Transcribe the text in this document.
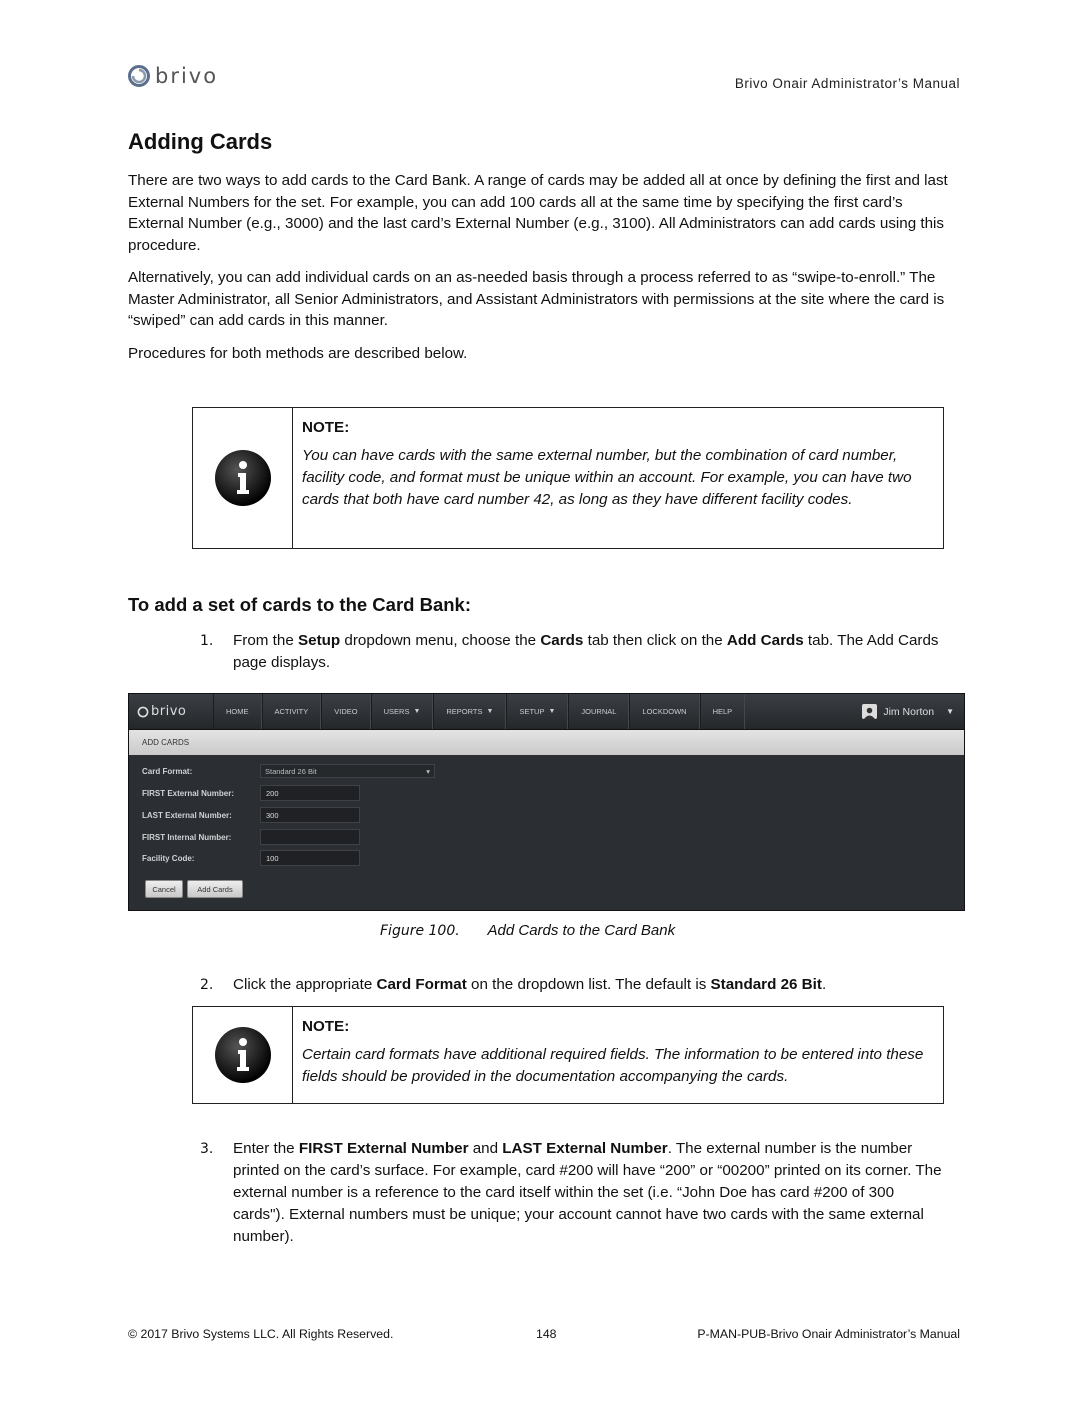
brivo	Brivo Onair Administrator’s Manual
Adding Cards

There are two ways to add cards to the Card Bank. A range of cards may be added all at once by defining the first and last External Numbers for the set. For example, you can add 100 cards all at the same time by specifying the first card’s External Number (e.g., 3000) and the last card’s External Number (e.g., 3100). All Administrators can add cards using this procedure.

Alternatively, you can add individual cards on an as-needed basis through a process referred to as “swipe-to-enroll.” The Master Administrator, all Senior Administrators, and Assistant Administrators with permissions at the site where the card is “swiped” can add cards in this manner.

Procedures for both methods are described below.

NOTE:
You can have cards with the same external number, but the combination of card number, facility code, and format must be unique within an account. For example, you can have two cards that both have card number 42, as long as they have different facility codes.
To add a set of cards to the Card Bank:
1.	From the Setup dropdown menu, choose the Cards tab then click on the Add Cards tab. The Add Cards page displays.
brivo	HOME	ACTIVITY	VIDEO	USERS ▼	REPORTS ▼	SETUP ▼	JOURNAL	LOCKDOWN	HELP	Jim Norton ▼
ADD CARDS
Card Format:	Standard 26 Bit	▾
FIRST External Number:	200
LAST External Number:	300
FIRST Internal Number:
Facility Code:	100
Cancel	Add Cards
Figure 100. Add Cards to the Card Bank
2.	Click the appropriate Card Format on the dropdown list. The default is Standard 26 Bit.
NOTE:
Certain card formats have additional required fields. The information to be entered into these fields should be provided in the documentation accompanying the cards.
3.	Enter the FIRST External Number and LAST External Number. The external number is the number printed on the card’s surface. For example, card #200 will have “200” or “00200” printed on its corner. The external number is a reference to the card itself within the set (i.e. “John Doe has card #200 of 300 cards"). External numbers must be unique; your account cannot have two cards with the same external number).
© 2017 Brivo Systems LLC. All Rights Reserved.	148	P-MAN-PUB-Brivo Onair Administrator’s Manual
